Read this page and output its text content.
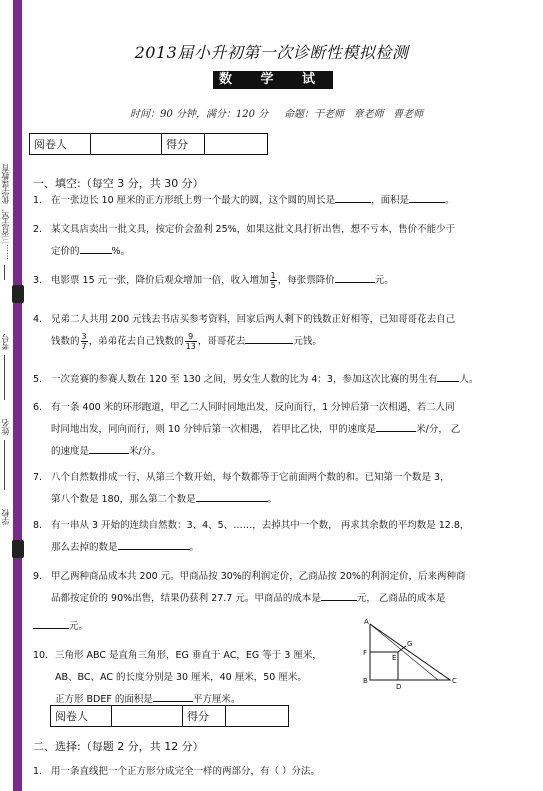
……三省学堂，优学谋教育
考号
姓名
学校
2013届小升初第一次诊断性模拟检测
数 学 试 题
时间：90 分钟，满分：120 分     命题：干老师   章老师   曹老师
阅卷人		得分	
一、填空:（每空 3 分，共 30 分）
1. 在一张边长 10 厘米的正方形纸上剪一个最大的圆，这个圆的周长是	，面积是	。
2. 某文具店卖出一批文具，按定价会盈利 25%，如果这批文具打折出售，想不亏本，售价不能少于
定价的	%。
3. 电影票 15 元一张，降价后观众增加一倍，收入增加 $\frac{1}{5}$ ，每张票降价	元。
4. 兄弟二人共用 200 元钱去书店买参考资料，回家后两人剩下的钱数正好相等，已知哥哥花去自己
钱数的 $\frac{3}{7}$ ，弟弟花去自己钱数的 $\frac{9}{13}$ ，哥哥花去	元钱。
5. 一次竞赛的参赛人数在 120 至 130 之间，男女生人数的比为 4：3，参加这次比赛的男生有 人。
6. 有一条 400 米的环形跑道，甲乙二人同时同地出发，反向而行，1 分钟后第一次相遇，若二人同
时同地出发，同向而行，则 10 分钟后第一次相遇， 若甲比乙快，甲的速度是	米/分， 乙
的速度是	米/分。
7. 八个自然数排成一行，从第三个数开始，每个数都等于它前面两个数的和。已知第一个数是 3，
第八个数是 180，那么第二个数是	。
8. 有一串从 3 开始的连续自然数：3、4、5、……，去掉其中一个数， 再求其余数的平均数是 12.8，
那么去掉的数是	。
9. 甲乙两种商品成本共 200 元。甲商品按 30%的利润定价，乙商品按 20%的利润定价，后来两种商
品都按定价的 90%出售，结果仍获利 27.7 元。甲商品的成本是	元， 乙商品的成本是
元。
10. 三角形 ABC 是直角三角形，EG 垂直于 AC，EG 等于 3 厘米，
AB、BC、AC 的长度分别是 30 厘米，40 厘米，50 厘米。
正方形 BDEF 的面积是	平方厘米。
A
B	C
D
E
F
G
阅卷人		得分	
二、选择:（每题 2 分，共 12 分）
1. 用一条直线把一个正方形分成完全一样的两部分，有（ ）分法。
